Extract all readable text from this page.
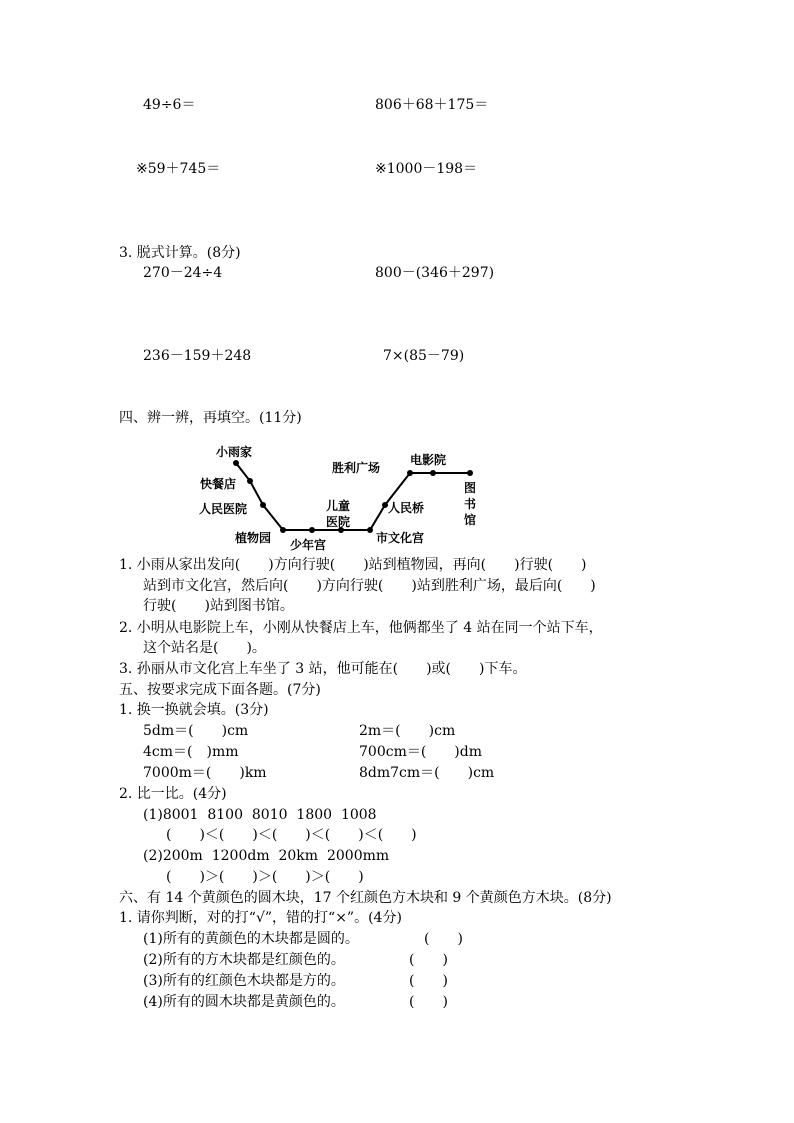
49÷6＝	806＋68＋175＝
※59＋745＝	※1000－198＝
3. 脱式计算。(8分)
270－24÷4	800－(346＋297)
236－159＋248	7×(85－79)
四、辨一辨，再填空。(11分)
小雨家
快餐店
人民医院
植物园 少年宫
儿童
医院
市文化宫
人民桥
胜利广场
电影院
图
书
馆
1. 小雨从家出发向(　　)方向行驶(　　)站到植物园，再向(　　)行驶(　　)
站到市文化宫，然后向(　　)方向行驶(　　)站到胜利广场，最后向(　　)
行驶(　　)站到图书馆。
2. 小明从电影院上车，小刚从快餐店上车，他俩都坐了 4 站在同一个站下车，
这个站名是(　　)。
3. 孙丽从市文化宫上车坐了 3 站，他可能在(　　)或(　　)下车。
五、按要求完成下面各题。(7分)
1. 换一换就会填。(3分)
5dm＝(　　)cm	2m＝(　　)cm
4cm＝(　)mm	700cm＝(　　)dm
7000m＝(　　)km	8dm7cm＝(　　)cm
2. 比一比。(4分)
(1)8001  8100  8010  1800  1008
(　　)＜(　　)＜(　　)＜(　　)＜(　　)
(2)200m  1200dm  20km  2000mm
(　　)＞(　　)＞(　　)＞(　　)
六、有 14 个黄颜色的圆木块，17 个红颜色方木块和 9 个黄颜色方木块。(8分)
1. 请你判断，对的打“√”，错的打“×”。(4分)
(1)所有的黄颜色的木块都是圆的。	(　　)
(2)所有的方木块都是红颜色的。	(　　)
(3)所有的红颜色木块都是方的。	(　　)
(4)所有的圆木块都是黄颜色的。	(　　)
